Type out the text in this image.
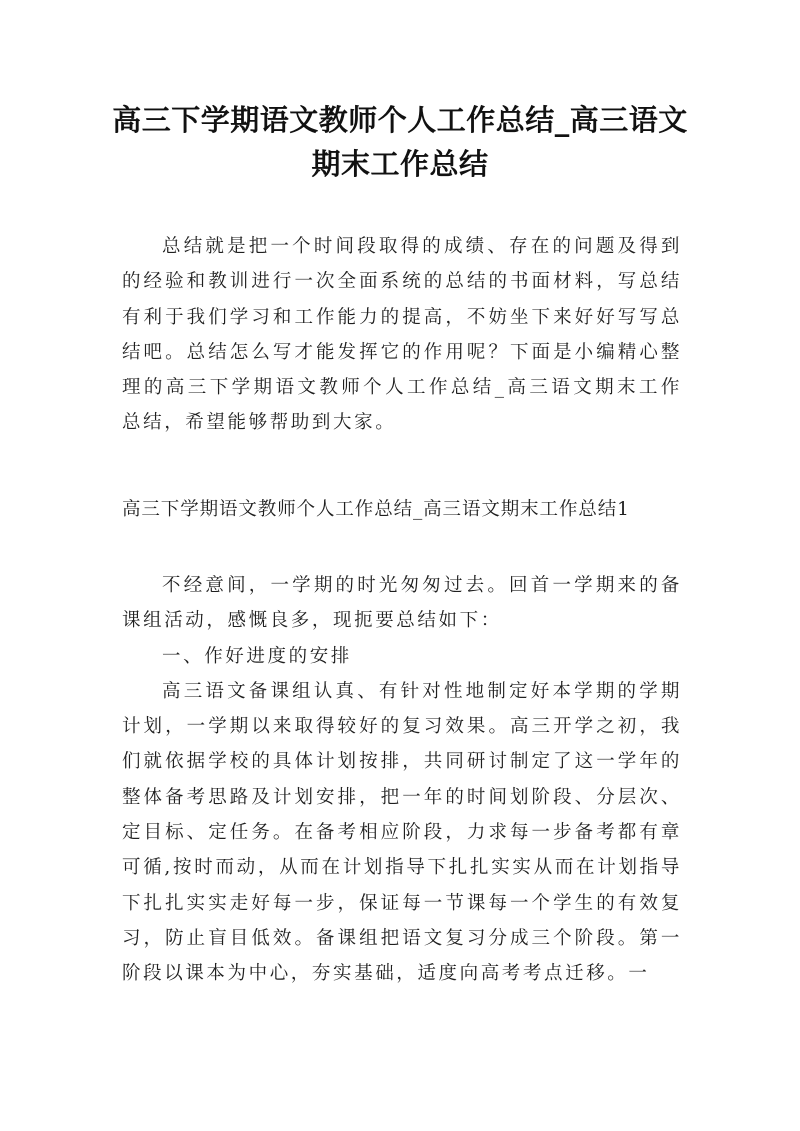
高三下学期语文教师个人工作总结_高三语文期末工作总结

总结就是把一个时间段取得的成绩、存在的问题及得到的经验和教训进行一次全面系统的总结的书面材料，写总结有利于我们学习和工作能力的提高，不妨坐下来好好写写总结吧。总结怎么写才能发挥它的作用呢？下面是小编精心整理的高三下学期语文教师个人工作总结_高三语文期末工作总结，希望能够帮助到大家。

高三下学期语文教师个人工作总结_高三语文期末工作总结1

不经意间，一学期的时光匆匆过去。回首一学期来的备课组活动，感慨良多，现扼要总结如下：

一、作好进度的安排

高三语文备课组认真、有针对性地制定好本学期的学期计划，一学期以来取得较好的复习效果。高三开学之初，我们就依据学校的具体计划按排，共同研讨制定了这一学年的整体备考思路及计划安排，把一年的时间划阶段、分层次、定目标、定任务。在备考相应阶段，力求每一步备考都有章可循,按时而动，从而在计划指导下扎扎实实从而在计划指导下扎扎实实走好每一步，保证每一节课每一个学生的有效复习，防止盲目低效。备课组把语文复习分成三个阶段。第一阶段以课本为中心，夯实基础，适度向高考考点迁移。一
